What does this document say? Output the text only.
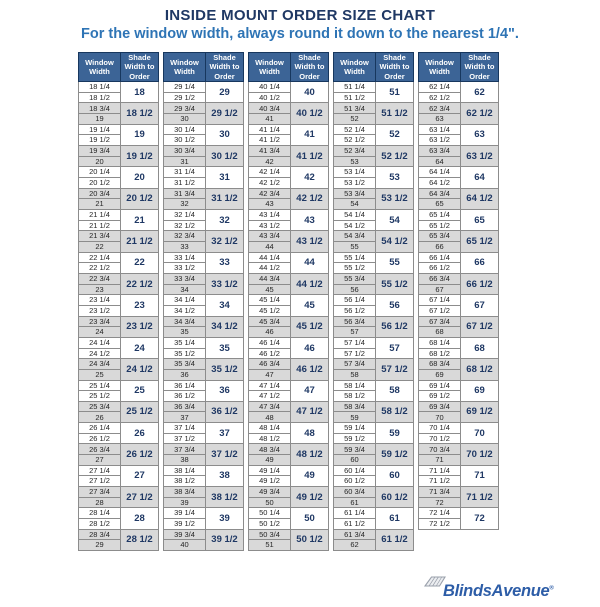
INSIDE MOUNT ORDER SIZE CHART
For the window width, always round it down to the nearest 1/4".
Window Width	Shade Width to Order
18 1/4	18
18 1/2	
18 3/4	18 1/2
19	
19 1/4	19
19 1/2	
19 3/4	19 1/2
20	
20 1/4	20
20 1/2	
20 3/4	20 1/2
21	
21 1/4	21
21 1/2	
21 3/4	21 1/2
22	
22 1/4	22
22 1/2	
22 3/4	22 1/2
23	
23 1/4	23
23 1/2	
23 3/4	23 1/2
24	
24 1/4	24
24 1/2	
24 3/4	24 1/2
25	
25 1/4	25
25 1/2	
25 3/4	25 1/2
26	
26 1/4	26
26 1/2	
26 3/4	26 1/2
27	
27 1/4	27
27 1/2	
27 3/4	27 1/2
28	
28 1/4	28
28 1/2	
28 3/4	28 1/2
29	
Window Width	Shade Width to Order
29 1/4	29
29 1/2	
29 3/4	29 1/2
30	
30 1/4	30
30 1/2	
30 3/4	30 1/2
31	
31 1/4	31
31 1/2	
31 3/4	31 1/2
32	
32 1/4	32
32 1/2	
32 3/4	32 1/2
33	
33 1/4	33
33 1/2	
33 3/4	33 1/2
34	
34 1/4	34
34 1/2	
34 3/4	34 1/2
35	
35 1/4	35
35 1/2	
35 3/4	35 1/2
36	
36 1/4	36
36 1/2	
36 3/4	36 1/2
37	
37 1/4	37
37 1/2	
37 3/4	37 1/2
38	
38 1/4	38
38 1/2	
38 3/4	38 1/2
39	
39 1/4	39
39 1/2	
39 3/4	39 1/2
40	
Window Width	Shade Width to Order
40 1/4	40
40 1/2	
40 3/4	40 1/2
41	
41 1/4	41
41 1/2	
41 3/4	41 1/2
42	
42 1/4	42
42 1/2	
42 3/4	42 1/2
43	
43 1/4	43
43 1/2	
43 3/4	43 1/2
44	
44 1/4	44
44 1/2	
44 3/4	44 1/2
45	
45 1/4	45
45 1/2	
45 3/4	45 1/2
46	
46 1/4	46
46 1/2	
46 3/4	46 1/2
47	
47 1/4	47
47 1/2	
47 3/4	47 1/2
48	
48 1/4	48
48 1/2	
48 3/4	48 1/2
49	
49 1/4	49
49 1/2	
49 3/4	49 1/2
50	
50 1/4	50
50 1/2	
50 3/4	50 1/2
51	
Window Width	Shade Width to Order
51 1/4	51
51 1/2	
51 3/4	51 1/2
52	
52 1/4	52
52 1/2	
52 3/4	52 1/2
53	
53 1/4	53
53 1/2	
53 3/4	53 1/2
54	
54 1/4	54
54 1/2	
54 3/4	54 1/2
55	
55 1/4	55
55 1/2	
55 3/4	55 1/2
56	
56 1/4	56
56 1/2	
56 3/4	56 1/2
57	
57 1/4	57
57 1/2	
57 3/4	57 1/2
58	
58 1/4	58
58 1/2	
58 3/4	58 1/2
59	
59 1/4	59
59 1/2	
59 3/4	59 1/2
60	
60 1/4	60
60 1/2	
60 3/4	60 1/2
61	
61 1/4	61
61 1/2	
61 3/4	61 1/2
62	
Window Width	Shade Width to Order
62 1/4	62
62 1/2	
62 3/4	62 1/2
63	
63 1/4	63
63 1/2	
63 3/4	63 1/2
64	
64 1/4	64
64 1/2	
64 3/4	64 1/2
65	
65 1/4	65
65 1/2	
65 3/4	65 1/2
66	
66 1/4	66
66 1/2	
66 3/4	66 1/2
67	
67 1/4	67
67 1/2	
67 3/4	67 1/2
68	
68 1/4	68
68 1/2	
68 3/4	68 1/2
69	
69 1/4	69
69 1/2	
69 3/4	69 1/2
70	
70 1/4	70
70 1/2	
70 3/4	70 1/2
71	
71 1/4	71
71 1/2	
71 3/4	71 1/2
72	
72 1/4	72
72 1/2	
BlindsAvenue®
